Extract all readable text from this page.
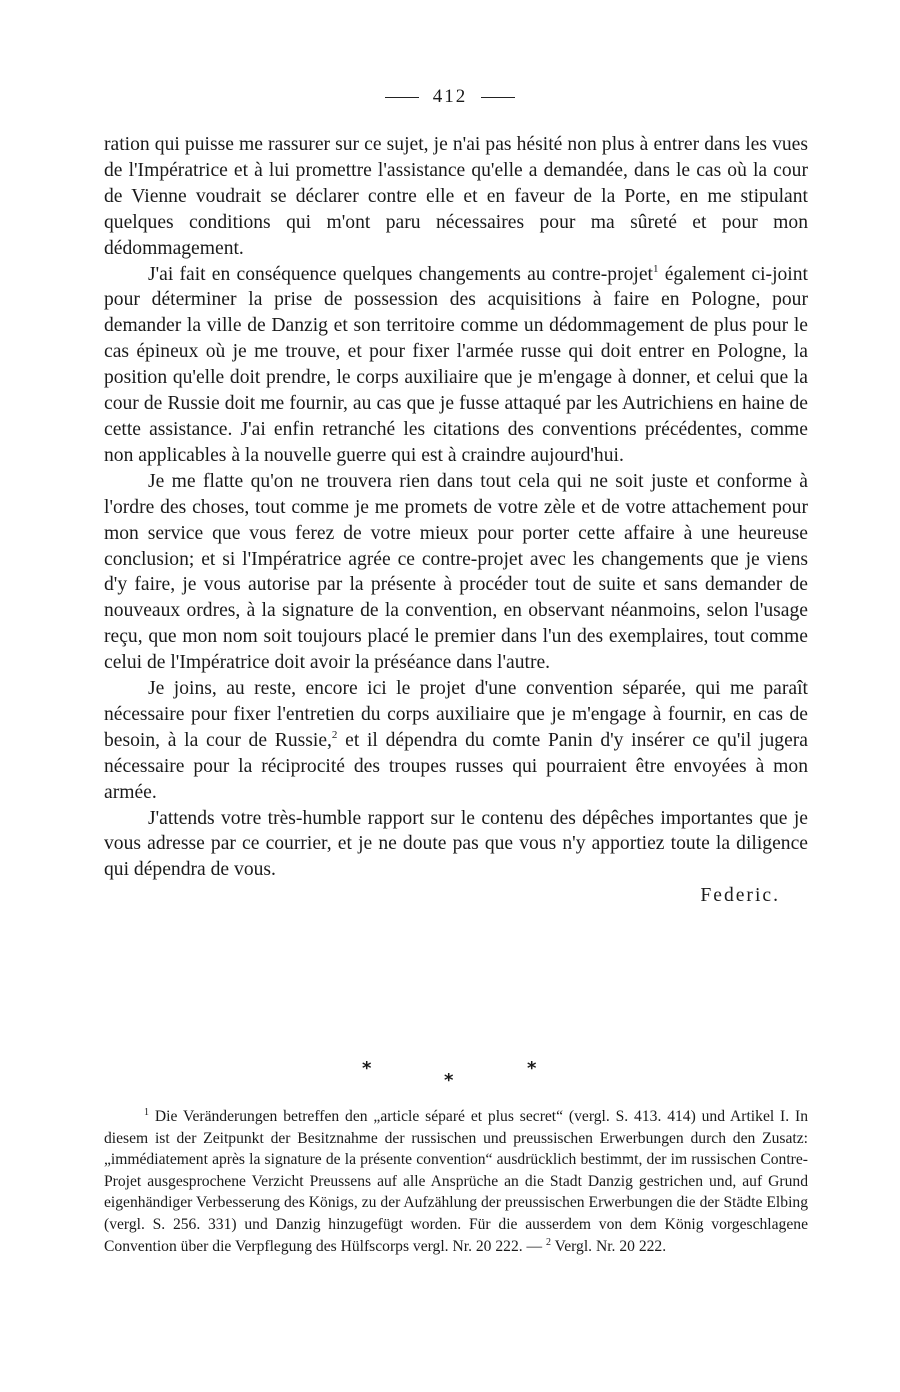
412

ration qui puisse me rassurer sur ce sujet, je n'ai pas hésité non plus à entrer dans les vues de l'Impératrice et à lui promettre l'assistance qu'elle a demandée, dans le cas où la cour de Vienne voudrait se déclarer contre elle et en faveur de la Porte, en me stipulant quelques conditions qui m'ont paru nécessaires pour ma sûreté et pour mon dédommagement.

J'ai fait en conséquence quelques changements au contre-projet$^1$ également ci-joint pour déterminer la prise de possession des acquisitions à faire en Pologne, pour demander la ville de Danzig et son territoire comme un dédommagement de plus pour le cas épineux où je me trouve, et pour fixer l'armée russe qui doit entrer en Pologne, la position qu'elle doit prendre, le corps auxiliaire que je m'engage à donner, et celui que la cour de Russie doit me fournir, au cas que je fusse attaqué par les Autrichiens en haine de cette assistance. J'ai enfin retranché les citations des conventions précédentes, comme non applicables à la nouvelle guerre qui est à craindre aujourd'hui.

Je me flatte qu'on ne trouvera rien dans tout cela qui ne soit juste et conforme à l'ordre des choses, tout comme je me promets de votre zèle et de votre attachement pour mon service que vous ferez de votre mieux pour porter cette affaire à une heureuse conclusion; et si l'Impératrice agrée ce contre-projet avec les changements que je viens d'y faire, je vous autorise par la présente à procéder tout de suite et sans demander de nouveaux ordres, à la signature de la convention, en observant néanmoins, selon l'usage reçu, que mon nom soit toujours placé le premier dans l'un des exemplaires, tout comme celui de l'Impératrice doit avoir la préséance dans l'autre.

Je joins, au reste, encore ici le projet d'une convention séparée, qui me paraît nécessaire pour fixer l'entretien du corps auxiliaire que je m'engage à fournir, en cas de besoin, à la cour de Russie,$^2$ et il dépendra du comte Panin d'y insérer ce qu'il jugera nécessaire pour la réciprocité des troupes russes qui pourraient être envoyées à mon armée.

J'attends votre très-humble rapport sur le contenu des dépêches importantes que je vous adresse par ce courrier, et je ne doute pas que vous n'y apportiez toute la diligence qui dépendra de vous.

Federic.
*	*
*

$^1$ Die Veränderungen betreffen den „article séparé et plus secret“ (vergl. S. 413. 414) und Artikel I. In diesem ist der Zeitpunkt der Besitznahme der russischen und preussischen Erwerbungen durch den Zusatz: „immédiatement après la signature de la présente convention“ ausdrücklich bestimmt, der im russischen Contre-Projet ausgesprochene Verzicht Preussens auf alle Ansprüche an die Stadt Danzig gestrichen und, auf Grund eigenhändiger Verbesserung des Königs, zu der Aufzählung der preussischen Erwerbungen die der Städte Elbing (vergl. S. 256. 331) und Danzig hinzugefügt worden. Für die ausserdem von dem König vorgeschlagene Convention über die Verpflegung des Hülfscorps vergl. Nr. 20 222. — $^2$ Vergl. Nr. 20 222.
